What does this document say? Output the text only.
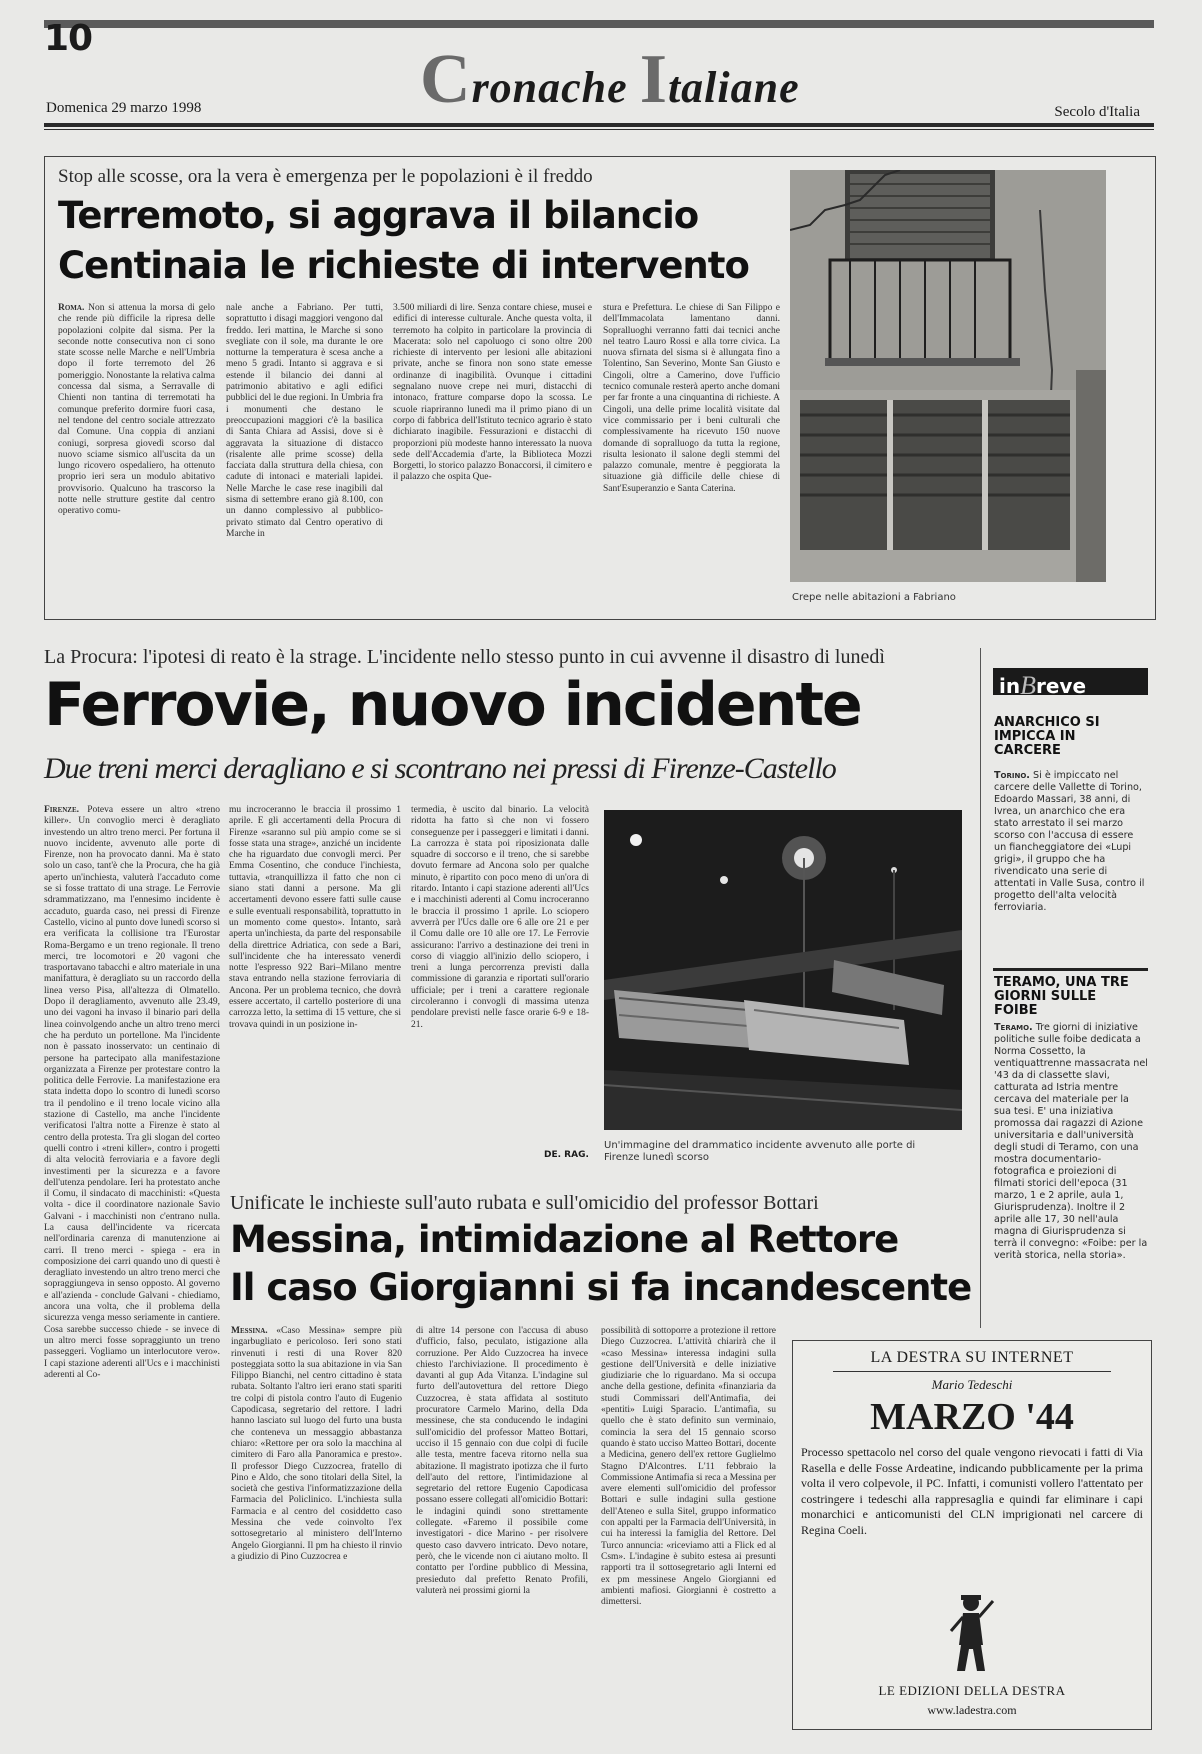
10
Cronache Italiane
Domenica 29 marzo 1998	Secolo d'Italia
Stop alle scosse, ora la vera è emergenza per le popolazioni è il freddo
Terremoto, si aggrava il bilancio
Centinaia le richieste di intervento
Roma. Non si attenua la morsa di gelo che rende più difficile la ripresa delle popolazioni colpite dal sisma. Per la seconde notte consecutiva non ci sono state scosse nelle Marche e nell'Umbria dopo il forte terremoto del 26 pomeriggio. Nonostante la relativa calma concessa dal sisma, a Serravalle di Chienti non tantina di terremotati ha comunque preferito dormire fuori casa, nel tendone del centro sociale attrezzato dal Comune. Una coppia di anziani coniugi, sorpresa giovedì scorso dal nuovo sciame sismico all'uscita da un lungo ricovero ospedaliero, ha ottenuto proprio ieri sera un modulo abitativo provvisorio. Qualcuno ha trascorso la notte nelle strutture gestite dal centro operativo comu-
nale anche a Fabriano. Per tutti, soprattutto i disagi maggiori vengono dal freddo. Ieri mattina, le Marche si sono svegliate con il sole, ma durante le ore notturne la temperatura è scesa anche a meno 5 gradi. Intanto si aggrava e si estende il bilancio dei danni al patrimonio abitativo e agli edifici pubblici del le due regioni. In Umbria fra i monumenti che destano le preoccupazioni maggiori c'è la basilica di Santa Chiara ad Assisi, dove si è aggravata la situazione di distacco (risalente alle prime scosse) della facciata dalla struttura della chiesa, con cadute di intonaci e materiali lapidei. Nelle Marche le case rese inagibili dal sisma di settembre erano già 8.100, con un danno complessivo al pubblico-privato stimato dal Centro operativo di Marche in
3.500 miliardi di lire. Senza contare chiese, musei e edifici di interesse culturale. Anche questa volta, il terremoto ha colpito in particolare la provincia di Macerata: solo nel capoluogo ci sono oltre 200 richieste di intervento per lesioni alle abitazioni private, anche se finora non sono state emesse ordinanze di inagibilità. Ovunque i cittadini segnalano nuove crepe nei muri, distacchi di intonaco, fratture comparse dopo la scossa. Le scuole riapriranno lunedì ma il primo piano di un corpo di fabbrica dell'Istituto tecnico agrario è stato dichiarato inagibile. Fessurazioni e distacchi di proporzioni più modeste hanno interessato la nuova sede dell'Accademia d'arte, la Biblioteca Mozzi Borgetti, lo storico palazzo Bonaccorsi, il cimitero e il palazzo che ospita Que-
stura e Prefettura. Le chiese di San Filippo e dell'Immacolata lamentano danni. Sopralluoghi verranno fatti dai tecnici anche nel teatro Lauro Rossi e alla torre civica. La nuova sfirnata del sisma si è allungata fino a Tolentino, San Severino, Monte San Giusto e Cingoli, oltre a Camerino, dove l'ufficio tecnico comunale resterà aperto anche domani per far fronte a una cinquantina di richieste. A Cingoli, una delle prime località visitate dal vice commissario per i beni culturali che complessivamente ha ricevuto 150 nuove domande di sopralluogo da tutta la regione, risulta lesionato il salone degli stemmi del palazzo comunale, mentre è peggiorata la situazione già difficile delle chiese di Sant'Esuperanzio e Santa Caterina.
Crepe nelle abitazioni a Fabriano
La Procura: l'ipotesi di reato è la strage. L'incidente nello stesso punto in cui avvenne il disastro di lunedì
Ferrovie, nuovo incidente
Due treni merci deragliano e si scontrano nei pressi di Firenze-Castello
Firenze. Poteva essere un altro «treno killer». Un convoglio merci è deragliato investendo un altro treno merci. Per fortuna il nuovo incidente, avvenuto alle porte di Firenze, non ha provocato danni. Ma è stato solo un caso, tant'è che la Procura, che ha già aperto un'inchiesta, valuterà l'accaduto come se si fosse trattato di una strage. Le Ferrovie sdrammatizzano, ma l'ennesimo incidente è accaduto, guarda caso, nei pressi di Firenze Castello, vicino al punto dove lunedì scorso si era verificata la collisione tra l'Eurostar Roma-Bergamo e un treno regionale. Il treno merci, tre locomotori e 20 vagoni che trasportavano tabacchi e altro materiale in una manifattura, è deragliato su un raccordo della linea verso Pisa, all'altezza di Olmatello. Dopo il deragliamento, avvenuto alle 23.49, uno dei vagoni ha invaso il binario pari della linea coinvolgendo anche un altro treno merci che ha perduto un portellone. Ma l'incidente non è passato inosservato: un centinaio di persone ha partecipato alla manifestazione organizzata a Firenze per protestare contro la politica delle Ferrovie. La manifestazione era stata indetta dopo lo scontro di lunedì scorso tra il pendolino e il treno locale vicino alla stazione di Castello, ma anche l'incidente verificatosi l'altra notte a Firenze è stato al centro della protesta. Tra gli slogan del corteo quelli contro i «treni killer», contro i progetti di alta velocità ferroviaria e a favore degli investimenti per la sicurezza e a favore dell'utenza pendolare. Ieri ha protestato anche il Comu, il sindacato di macchinisti: «Questa volta - dice il coordinatore nazionale Savio Galvani - i macchinisti non c'entrano nulla. La causa dell'incidente va ricercata nell'ordinaria carenza di manutenzione ai carri. Il treno merci - spiega - era in composizione dei carri quando uno di questi è deragliato investendo un altro treno merci che sopraggiungeva in senso opposto. Al governo e all'azienda - conclude Galvani - chiediamo, ancora una volta, che il problema della sicurezza venga messo seriamente in cantiere. Cosa sarebbe successo chiede - se invece di un altro merci fosse sopraggiunto un treno passeggeri. Vogliamo un interlocutore vero». I capi stazione aderenti all'Ucs e i macchinisti aderenti al Co-
mu incroceranno le braccia il prossimo 1 aprile. E gli accertamenti della Procura di Firenze «saranno sul più ampio come se si fosse stata una strage», anziché un incidente che ha riguardato due convogli merci. Per Emma Cosentino, che conduce l'inchiesta, tuttavia, «tranquillizza il fatto che non ci siano stati danni a persone. Ma gli accertamenti devono essere fatti sulle cause e sulle eventuali responsabilità, toprattutto in un momento come questo». Intanto, sarà aperta un'inchiesta, da parte del responsabile della direttrice Adriatica, con sede a Bari, sull'incidente che ha interessato venerdì notte l'espresso 922 Bari–Milano mentre stava entrando nella stazione ferroviaria di Ancona. Per un problema tecnico, che dovrà essere accertato, il cartello posteriore di una carrozza letto, la settima di 15 vetture, che si trovava quindi in un posizione in-
termedia, è uscito dal binario. La velocità ridotta ha fatto sì che non vi fossero conseguenze per i passeggeri e limitati i danni. La carrozza è stata poi riposizionata dalle squadre di soccorso e il treno, che si sarebbe dovuto fermare ad Ancona solo per qualche minuto, è ripartito con poco meno di un'ora di ritardo. Intanto i capi stazione aderenti all'Ucs e i macchinisti aderenti al Comu incroceranno le braccia il prossimo 1 aprile. Lo sciopero avverrà per l'Ucs dalle ore 6 alle ore 21 e per il Comu dalle ore 10 alle ore 17. Le Ferrovie assicurano: l'arrivo a destinazione dei treni in corso di viaggio all'inizio dello sciopero, i treni a lunga percorrenza previsti dalla commissione di garanzia e riportati sull'orario ufficiale; per i treni a carattere regionale circoleranno i convogli di massima utenza pendolare previsti nelle fasce orarie 6-9 e 18-21.
DE. RAG.
Un'immagine del drammatico incidente avvenuto alle porte di Firenze lunedì scorso
Unificate le inchieste sull'auto rubata e sull'omicidio del professor Bottari
Messina, intimidazione al Rettore
Il caso Giorgianni si fa incandescente
Messina. «Caso Messina» sempre più ingarbugliato e pericoloso. Ieri sono stati rinvenuti i resti di una Rover 820 posteggiata sotto la sua abitazione in via San Filippo Bianchi, nel centro cittadino è stata rubata. Soltanto l'altro ieri erano stati spariti tre colpi di pistola contro l'auto di Eugenio Capodicasa, segretario del rettore. I ladri hanno lasciato sul luogo del furto una busta che conteneva un messaggio abbastanza chiaro: «Rettore per ora solo la macchina al cimitero di Faro alla Panoramica e presto». Il professor Diego Cuzzocrea, fratello di Pino e Aldo, che sono titolari della Sitel, la società che gestiva l'informatizzazione della Farmacia del Policlinico. L'inchiesta sulla Farmacia e al centro del cosiddetto caso Messina che vede coinvolto l'ex sottosegretario al ministero dell'Interno Angelo Giorgianni. Il pm ha chiesto il rinvio a giudizio di Pino Cuzzocrea e
di altre 14 persone con l'accusa di abuso d'ufficio, falso, peculato, istigazione alla corruzione. Per Aldo Cuzzocrea ha invece chiesto l'archiviazione. Il procedimento è davanti al gup Ada Vitanza. L'indagine sul furto dell'autovettura del rettore Diego Cuzzocrea, è stata affidata al sostituto procuratore Carmelo Marino, della Dda messinese, che sta conducendo le indagini sull'omicidio del professor Matteo Bottari, ucciso il 15 gennaio con due colpi di fucile alle testa, mentre faceva ritorno nella sua abitazione. Il magistrato ipotizza che il furto dell'auto del rettore, l'intimidazione al segretario del rettore Eugenio Capodicasa possano essere collegati all'omicidio Bottari: le indagini quindi sono strettamente collegate. «Faremo il possibile come investigatori - dice Marino - per risolvere questo caso davvero intricato. Devo notare, però, che le vicende non ci aiutano molto. Il contatto per l'ordine pubblico di Messina, presieduto dal prefetto Renato Profili, valuterà nei prossimi giorni la
possibilità di sottoporre a protezione il rettore Diego Cuzzocrea. L'attività chiarirà che il «caso Messina» interessa indagini sulla gestione dell'Università e delle iniziative giudiziarie che lo riguardano. Ma si occupa anche della gestione, definita «finanziaria da studi Commissari dell'Antimafia, dei «pentiti» Luigi Sparacio. L'antimafia, su quello che è stato definito sun verminaio, comincia la sera del 15 gennaio scorso quando è stato ucciso Matteo Bottari, docente a Medicina, genero dell'ex rettore Guglielmo Stagno D'Alcontres. L'11 febbraio la Commissione Antimafia si reca a Messina per avere elementi sull'omicidio del professor Bottari e sulle indagini sulla gestione dell'Ateneo e sulla Sitel, gruppo informatico con appalti per la Farmacia dell'Università, in cui ha interessi la famiglia del Rettore. Del Turco annuncia: «riceviamo atti a Flick ed al Csm». L'indagine è subito estesa ai presunti rapporti tra il sottosegretario agli Interni ed ex pm messinese Angelo Giorgianni ed ambienti mafiosi. Giorgianni è costretto a dimettersi.
inBreve
ANARCHICO SI IMPICCA IN CARCERE
Torino. Si è impiccato nel carcere delle Vallette di Torino, Edoardo Massari, 38 anni, di Ivrea, un anarchico che era stato arrestato il sei marzo scorso con l'accusa di essere un fiancheggiatore dei «Lupi grigi», il gruppo che ha rivendicato una serie di attentati in Valle Susa, contro il progetto dell'alta velocità ferroviaria.
TERAMO, UNA TRE GIORNI SULLE FOIBE
Teramo. Tre giorni di iniziative politiche sulle foibe dedicata a Norma Cossetto, la ventiquattrenne massacrata nel '43 da di classette slavi, catturata ad Istria mentre cercava del materiale per la sua tesi. E' una iniziativa promossa dai ragazzi di Azione universitaria e dall'università degli studi di Teramo, con una mostra documentario-fotografica e proiezioni di filmati storici dell'epoca (31 marzo, 1 e 2 aprile, aula 1, Giurisprudenza). Inoltre il 2 aprile alle 17, 30 nell'aula magna di Giurisprudenza si terrà il convegno: «Foibe: per la verità storica, nella storia».
LA DESTRA SU INTERNET
Mario Tedeschi
MARZO '44
Processo spettacolo nel corso del quale vengono rievocati i fatti di Via Rasella e delle Fosse Ardeatine, indicando pubblicamente per la prima volta il vero colpevole, il PC. Infatti, i comunisti vollero l'attentato per costringere i tedeschi alla rappresaglia e quindi far eliminare i capi monarchici e anticomunisti del CLN imprigionati nel carcere di Regina Coeli.
LE EDIZIONI DELLA DESTRA
www.ladestra.com
